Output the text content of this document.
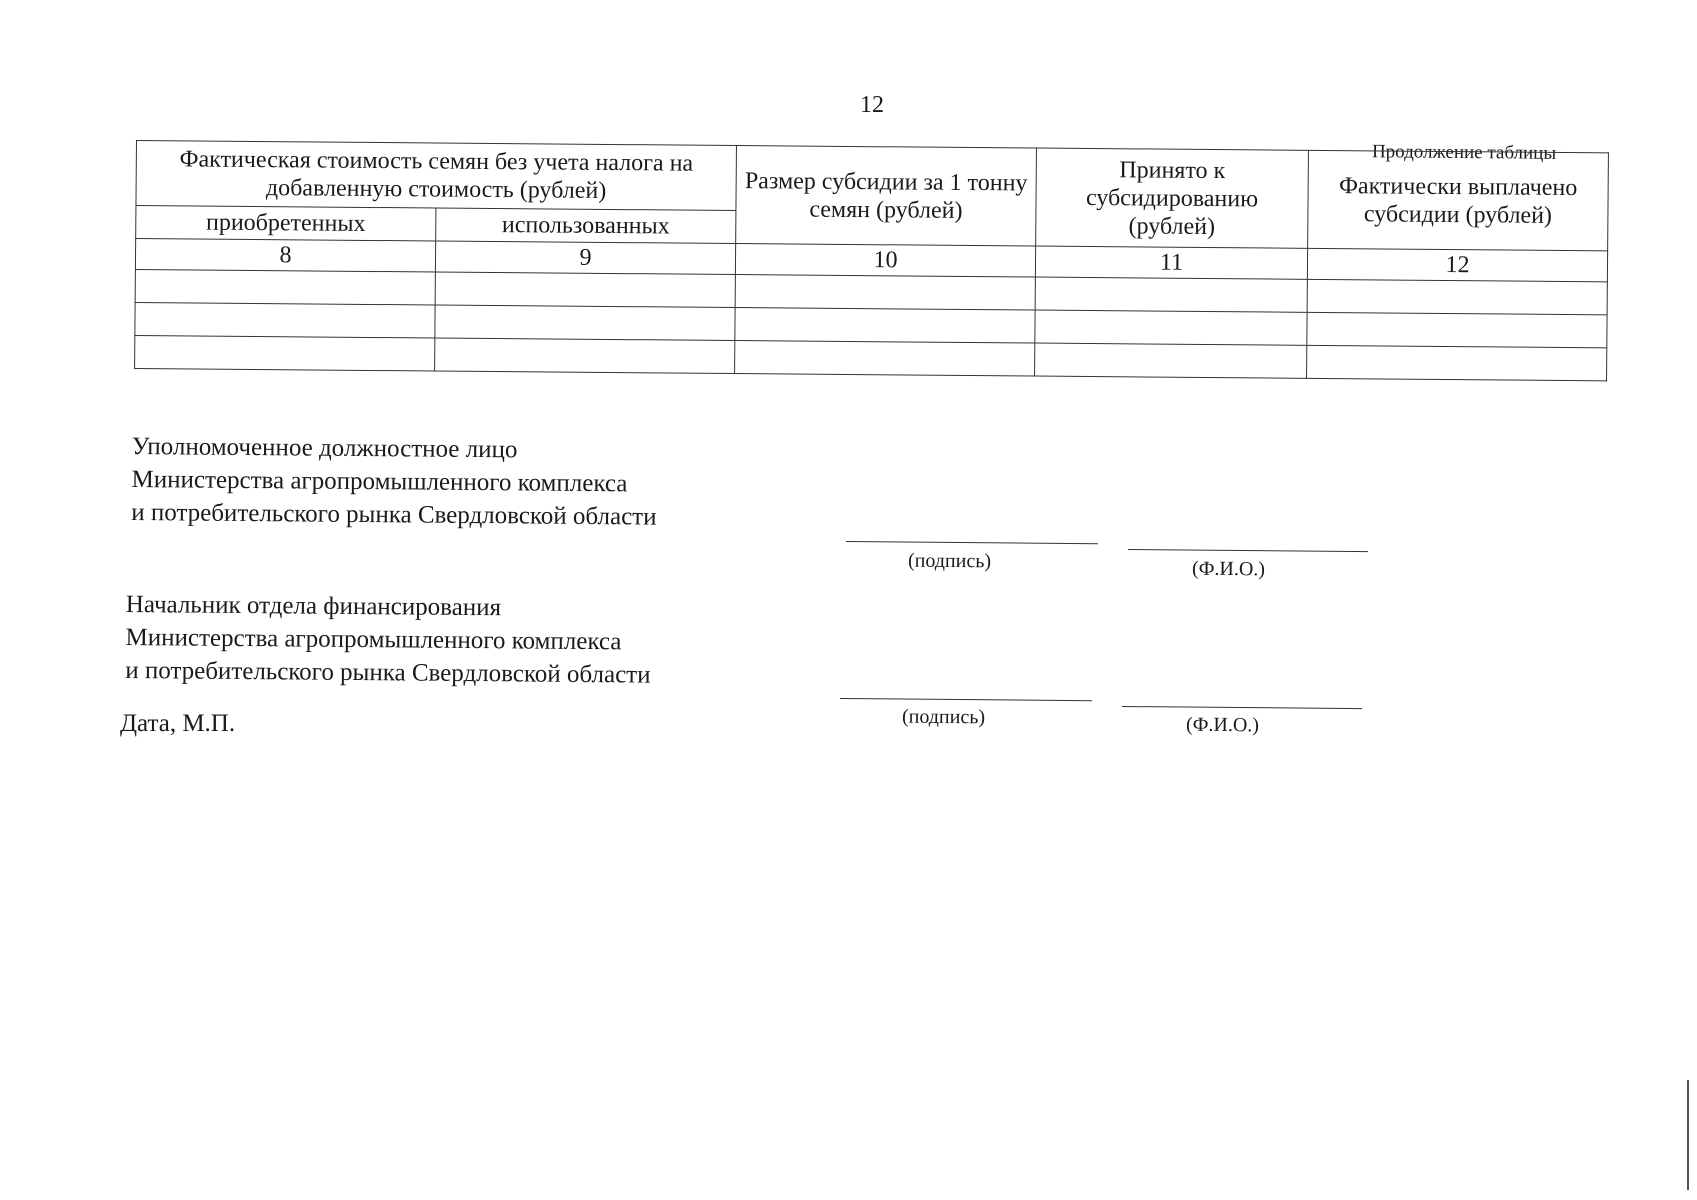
12
Продолжение таблицы
Фактическая стоимость семян без учета налога на добавленную стоимость (рублей)		Размер субсидии за 1 тонну семян (рублей)	Принято к субсидированию (рублей)	Фактически выплачено субсидии (рублей)
приобретенных	использованных			
8	9	10	11	12

Уполномоченное должностное лицо
Министерства агропромышленного комплекса
и потребительского рынка Свердловской области
(подпись)	(Ф.И.О.)
Начальник отдела финансирования
Министерства агропромышленного комплекса
и потребительского рынка Свердловской области
(подпись)	(Ф.И.О.)
Дата, М.П.
